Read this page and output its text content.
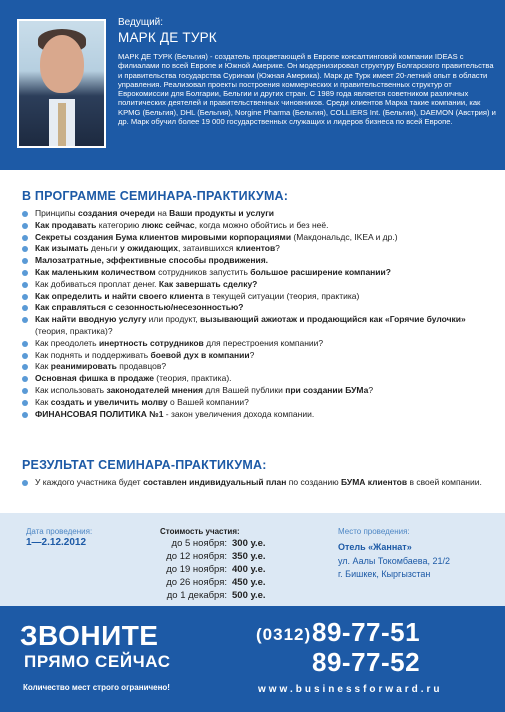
Ведущий:
МАРК ДЕ ТУРК
МАРК ДЕ ТУРК (Бельгия) - создатель процветающей в Европе консалтинговой компании IDEAS с филиалами по всей Европе и Южной Америке. Он модернизировал структуру Болгарского правительства и правительства государства Суринам (Южная Америка). Марк де Турк имеет 20-летний опыт в области управления. Реализовал проекты построения коммерческих и правительственных структур от Еврокомиссии для Болгарии, Бельгии и других стран. С 1989 года является советником различных политических деятелей и правительственных чиновников. Среди клиентов Марка такие компании, как KPMG (Бельгия), DHL (Бельгия), Norgine Pharma (Бельгия), COLLIERS Int. (Бельгия), DAEMON (Австрия) и др. Марк обучил более 19 000 государственных служащих и лидеров бизнеса по всей Европе.
В ПРОГРАММЕ СЕМИНАРА-ПРАКТИКУМА:
Принципы создания очереди на Ваши продукты и услуги
Как продавать категорию люкс сейчас, когда можно обойтись и без неё.
Секреты создания Бума клиентов мировыми корпорациями (Макдональдс, IKEA и др.)
Как изымать деньги у ожидающих, затаившихся клиентов?
Малозатратные, эффективные способы продвижения.
Как маленьким количеством сотрудников запустить большое расширение компании?
Как добиваться проплат денег. Как завершать сделку?
Как определить и найти своего клиента в текущей ситуации (теория, практика)
Как справляться с сезонностью/несезонностью?
Как найти вводную услугу или продукт, вызывающий ажиотаж и продающийся как «Горячие булочки» (теория, практика)?
Как преодолеть инертность сотрудников для перестроения компании?
Как поднять и поддерживать боевой дух в компании?
Как реанимировать продавцов?
Основная фишка в продаже (теория, практика).
Как использовать законодателей мнения для Вашей публики при создании БУМа?
Как создать и увеличить молву о Вашей компании?
ФИНАНСОВАЯ ПОЛИТИКА №1 - закон увеличения дохода компании.
РЕЗУЛЬТАТ СЕМИНАРА-ПРАКТИКУМА:
У каждого участника будет составлен индивидуальный план по созданию БУМА клиентов в своей компании.
Дата проведения:
1—2.12.2012
Стоимость участия:
до 5 ноября: 300 у.е.
до 12 ноября: 350 у.е.
до 19 ноября: 400 у.е.
до 26 ноября: 450 у.е.
до 1 декабря: 500 у.е.
Место проведения:
Отель «Жаннат»
ул. Аалы Токомбаева, 21/2
г. Бишкек, Кыргызстан
ЗВОНИТЕ
ПРЯМО СЕЙЧАС
Количество мест строго ограничено!
(0312) 89-77-51
89-77-52
www.businessforward.ru
